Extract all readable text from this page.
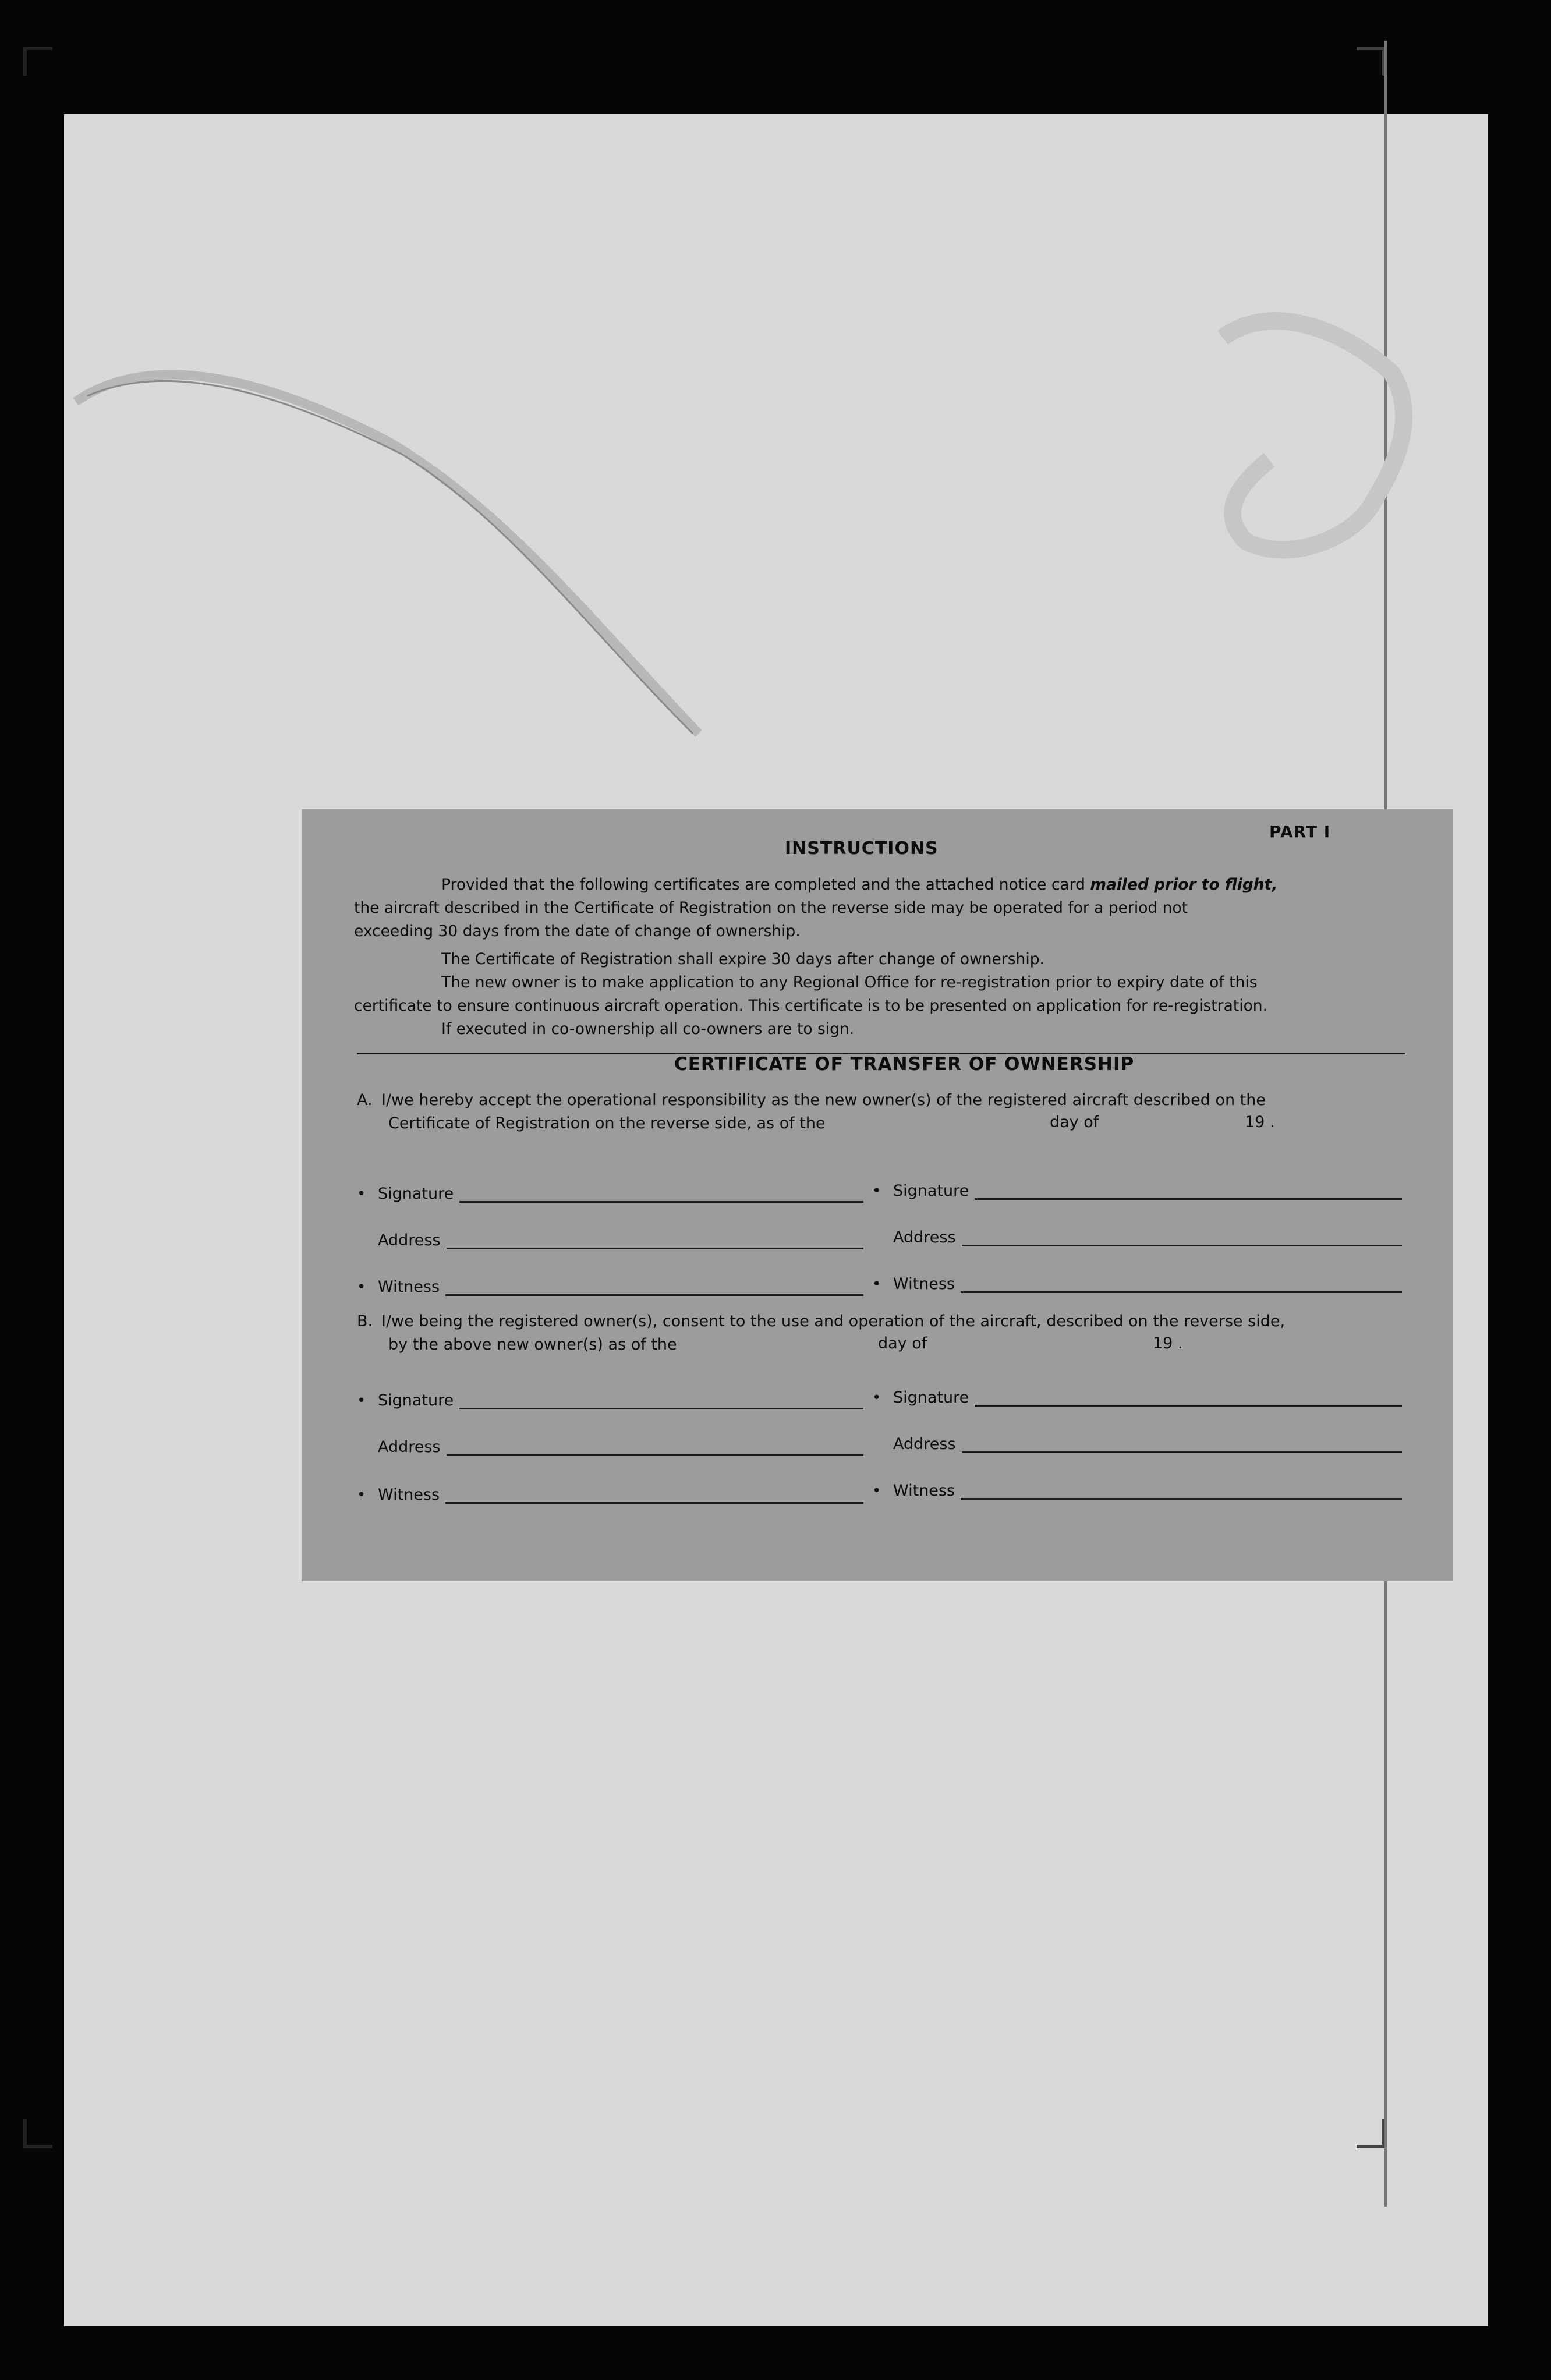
INSTRUCTIONS
PART I
Provided that the following certificates are completed and the attached notice card mailed prior to flight,
the aircraft described in the Certificate of Registration on the reverse side may be operated for a period not
exceeding 30 days from the date of change of ownership.
The Certificate of Registration shall expire 30 days after change of ownership.
The new owner is to make application to any Regional Office for re-registration prior to expiry date of this
certificate to ensure continuous aircraft operation. This certificate is to be presented on application for re-registration.
If executed in co-ownership all co-owners are to sign.
CERTIFICATE OF TRANSFER OF OWNERSHIP
A. I/we hereby accept the operational responsibility as the new owner(s) of the registered aircraft described on the
Certificate of Registration on the reverse side, as of the	day of	19 .
• Signature	• Signature
Address	Address
• Witness	• Witness
B. I/we being the registered owner(s), consent to the use and operation of the aircraft, described on the reverse side,
by the above new owner(s) as of the	day of	19 .
• Signature	• Signature
Address	Address
• Witness	• Witness
